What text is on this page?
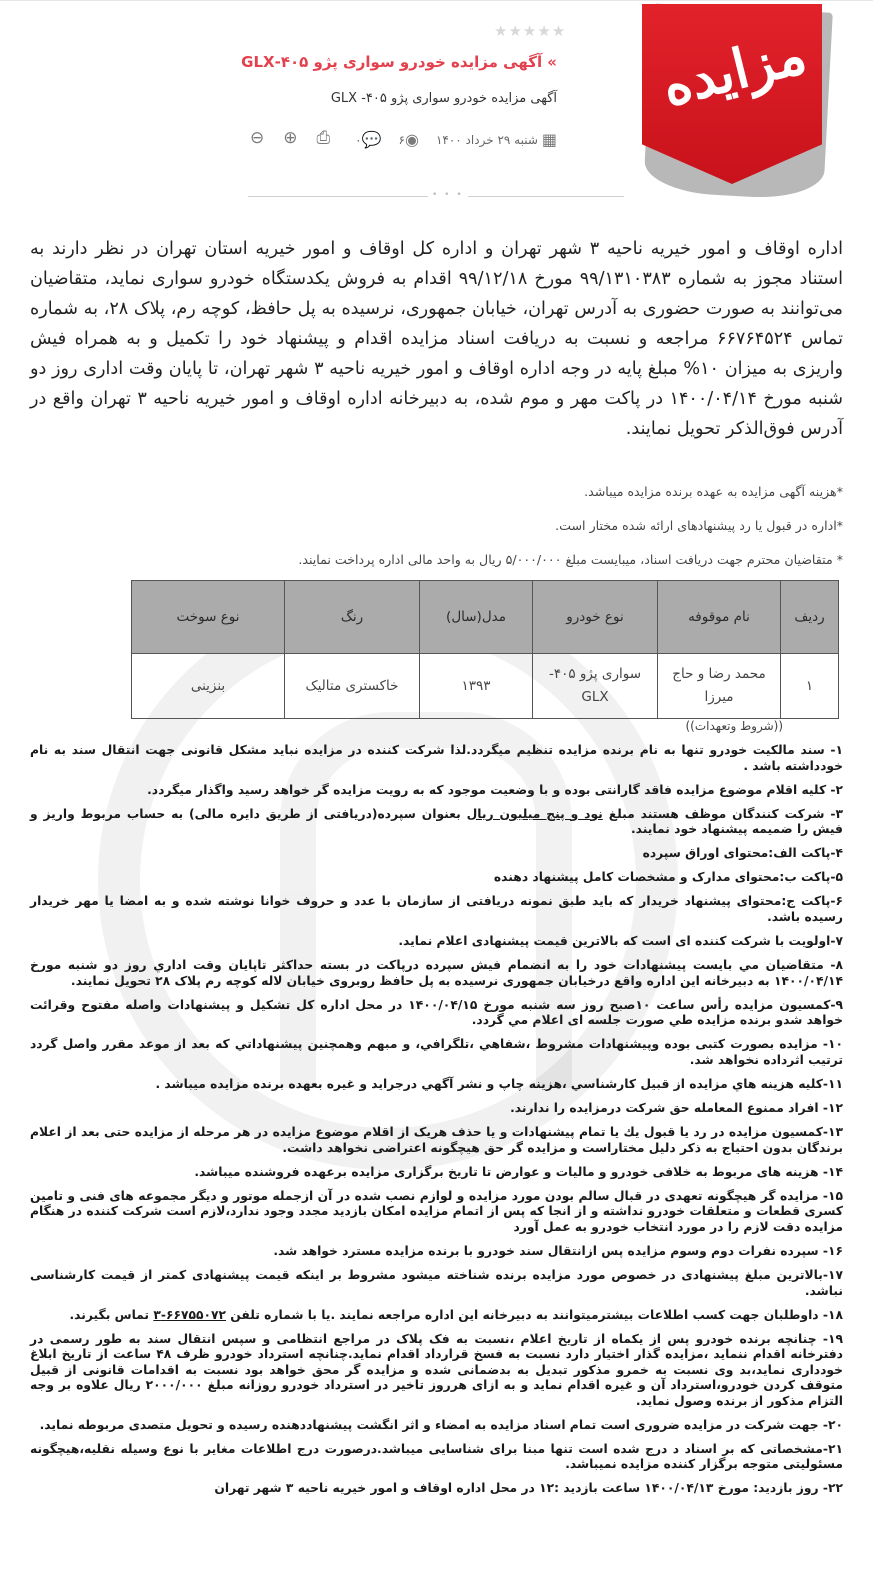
مزایده
★★★★★
» آگهی مزایده خودرو سواری پژو ۴۰۵-GLX
آگهی مزایده خودرو سواری پژو ۴۰۵- GLX
▦
شنبه ۲۹ خرداد ۱۴۰۰
◉
۶
💬
۰
⊖ ⊕ ⎙
• • •
اداره اوقاف و امور خیریه ناحیه ۳ شهر تهران و اداره کل اوقاف و امور خیریه استان تهران در نظر دارند به استناد مجوز به شماره ۹۹/۱۳۱۰۳۸۳ مورخ ۹۹/۱۲/۱۸ اقدام به فروش یکدستگاه خودرو سواری نماید، متقاضیان می‌توانند به صورت حضوری به آدرس تهران، خیابان جمهوری، نرسیده به پل حافظ، کوچه رم، پلاک ۲۸، به شماره تماس ۶۶۷۶۴۵۲۴ مراجعه و نسبت به دریافت اسناد مزایده اقدام و پیشنهاد خود را تکمیل و به همراه فیش واریزی به میزان ۱۰% مبلغ پایه در وجه اداره اوقاف و امور خیریه ناحیه ۳ شهر تهران، تا پایان وقت اداری روز دو شنبه مورخ ۱۴۰۰/۰۴/۱۴ در پاکت مهر و موم شده، به دبیرخانه اداره اوقاف و امور خیریه ناحیه ۳ تهران واقع در آدرس فوق‌الذکر تحویل نمایند.
*هزینه آگهی مزایده به عهده برنده مزایده میباشد.
*اداره در قبول یا رد پیشنهادهای ارائه شده مختار است.
* متقاضیان محترم جهت دریافت اسناد، میبایست مبلغ ۵/۰۰۰/۰۰۰ ریال به واحد مالی اداره پرداخت نمایند.
ردیف	نام موقوفه	نوع خودرو	مدل(سال)	رنگ	نوع سوخت
۱	محمد رضا و حاج میرزا	سواری پژو ۴۰۵- GLX	۱۳۹۳	خاکستری متالیک	بنزینی
((شروط وتعهدات))

۱- سند مالکیت خودرو تنها به نام برنده مزایده تنظیم میگردد.لذا شرکت کننده در مزایده نباید مشکل قانونی جهت انتقال سند به نام خودداشته باشد .

۲- کلیه اقلام موضوع مزایده فاقد گارانتی بوده و با وضعیت موجود که به رویت مزایده گر خواهد رسید واگذار میگردد.

۳- شرکت کنندگان موظف هستند مبلغ نود و پنج میلیون ریال بعنوان سپرده(دریافتی از طریق دایره مالی) به حساب مربوط واریز و فیش را ضمیمه پیشنهاد خود نمایند.

۴-پاکت الف:محتوای اوراق سپرده

۵-پاکت ب:محتوای مدارک و مشخصات کامل پیشنهاد دهنده

۶-پاکت ج:محتوای پیشنهاد خریدار که باید طبق نمونه دریافتی از سازمان با عدد و حروف خوانا نوشته شده و به امضا یا مهر خریدار رسیده باشد.

۷-اولویت با شرکت کننده ای است که بالاترین قیمت پیشنهادی اعلام نماید.

۸- متقاضیان مي بايست پيشنهادات خود را به انضمام فیش سپرده درپاکت در بسته حداکثر تاپایان وقت اداري روز دو شنبه مورخ ۱۴۰۰/۰۴/۱۴ به دبيرخانه اين اداره واقع درخیابان جمهوری نرسیده به پل حافظ روبروی خیابان لاله کوچه رم پلاک ۲۸ تحويل نمايند.

۹-کمسيون مزايده رأس ساعت ۱۰صبح روز سه شنبه مورخ ۱۴۰۰/۰۴/۱۵ در محل اداره كل تشكيل و پيشنهادات واصله مفتوح وقرائت خواهد شدو برنده مزايده طي صورت جلسه ای اعلام مي گردد.

۱۰- مزایده بصورت کتبی بوده وپيشنهادات مشروط ،شفاهي ،تلگرافي، و مبهم وهمچنين پيشنهاداتي كه بعد از موعد مقرر واصل گردد ترتيب اثرداده نخواهد شد.

۱۱-كليه هزينه هاي مزايده از قبيل كارشناسي ،هزينه چاپ و نشر آگهي درجرايد و غيره بعهده برنده مزايده ميباشد .

۱۲- افراد ممنوع المعامله حق شركت درمزايده را ندارند.

۱۳-کمسیون مزایده در رد یا قبول يك يا تمام پيشنهادات و یا حذف هریک از اقلام موضوع مزایده در هر مرحله از مزایده حتی بعد از اعلام برندگان بدون احتیاج به ذکر دلیل مختاراست و مزایده گر حق هیچگونه اعتراضی نخواهد داشت.

۱۴- هزينه هاى مربوط به خلافى خودرو و ماليات و عوارض تا تاريخ برگزارى مزايده برعهده فروشنده ميباشد.

۱۵- مزايده گر هيچگونه تعهدى در قبال سالم بودن مورد مزايده و لوازم نصب شده در آن ازجمله موتور و ديگر مجموعه هاى فنى و تامين كسرى قطعات و متعلقات خودرو نداشته و از انجا كه پس از اتمام مزايده امكان بازديد مجدد وجود ندارد،لازم است شركت كننده در هنگام مزايده دقت لازم را در مورد انتخاب خودرو به عمل آورد

۱۶- سپرده نفرات دوم وسوم مزايده پس ازانتقال سند خودرو با برنده مزايده مسترد خواهد شد.

۱۷-بالاترين مبلغ پيشنهادى در خصوص مورد مزايده برنده شناخته ميشود مشروط بر اينكه قيمت پيشنهادى كمتر از قيمت كارشناسى نباشد.

۱۸- داوطلبان جهت كسب اطلاعات بيشترميتوانند به دبيرخانه اين اداره مراجعه نمايند .يا با شماره تلفن ۶۶۷۵۵۰۷۲-۳ تماس بگيرند.

۱۹- چنانچه برنده خودرو پس از یکماه از تاریخ اعلام ،نسبت به فک پلاک در مراجع انتظامی و سپس انتقال سند به طور رسمی در دفترخانه اقدام ننماید ،مزایده گذار اختیار دارد نسبت به فسخ قرارداد اقدام نماید.چنانچه استرداد خودرو ظرف ۴۸ ساعت از تاریخ ابلاغ خودداری نماید،بد وی نسبت به خمرو مذکور تبدیل به بدضمانی شده و مزایده گر محق خواهد بود نسبت به اقدامات قانونی از قبیل متوقف کردن خودرو،استرداد آن و غیره اقدام نماید و به ازای هرروز تاخیر در استرداد خودرو روزانه مبلغ ۲۰۰۰/۰۰۰ ریال علاوه بر وجه التزام مذکور از برنده وصول نماید.

۲۰- جهت شركت در مزايده ضرورى است تمام اسناد مزايده به امضاء و اثر انگشت پيشنهاددهنده رسيده و تحويل متصدى مربوطه نمايد.

۲۱-مشخصاتى كه بر اسناد د درج شده است تنها مبنا براى شناسايى ميباشد.درصورت درج اطلاعات مغاير با نوع وسيله نقليه،هيچگونه مسئوليتى متوجه برگزار كننده مزايده نميباشد.

۲۲- روز بازديد: مورخ ۱۴۰۰/۰۴/۱۳ ساعت بازديد :۱۲ در محل اداره اوقاف و امور خيريه ناحيه ۳ شهر تهران
